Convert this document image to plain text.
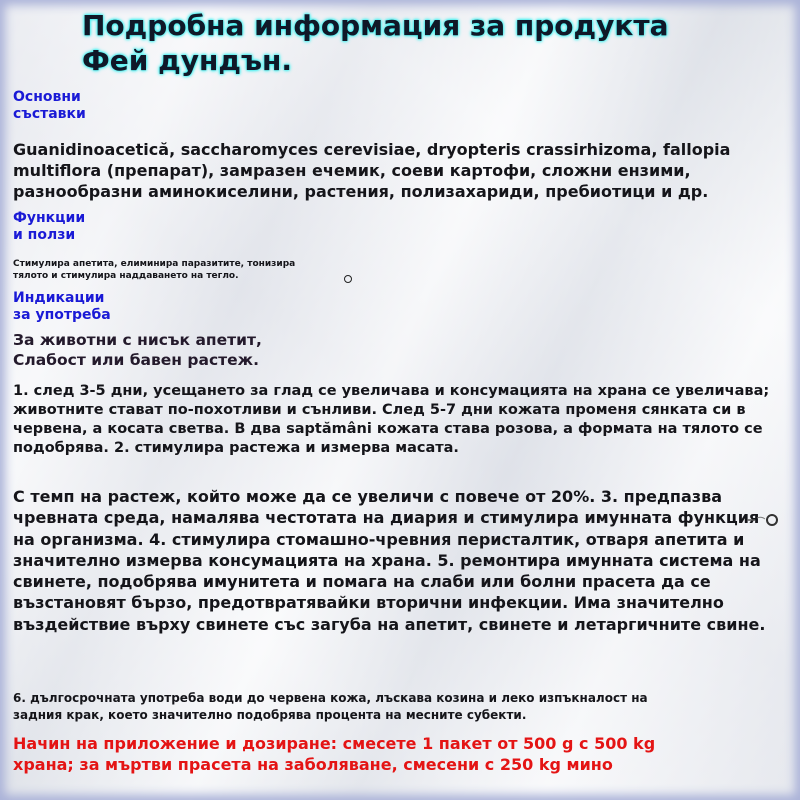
Подробна информация за продукта
Фей дундън.
Основни
съставки
Guanidinoacetică, saccharomyces cerevisiae, dryopteris crassirhizoma, fallopia multiflora (препарат), замразен ечемик, соеви картофи, сложни ензими, разнообразни аминокиселини, растения, полизахариди, пребиотици и др.
Функции
и ползи
Стимулира апетита, елиминира паразитите, тонизира тялото и стимулира наддаването на тегло.
Индикации
за употреба
За животни с нисък апетит,
Слабост или бавен растеж.
1. след 3-5 дни, усещането за глад се увеличава и консумацията на храна се увеличава; животните стават по-похотливи и сънливи. След 5-7 дни кожата променя сянката си в червена, а косата светва. В два saptămâni кожата става розова, а формата на тялото се подобрява. 2. стимулира растежа и измерва масата.
С темп на растеж, който може да се увеличи с повече от 20%. 3. предпазва чревната среда, намалява честотата на диария и стимулира имунната функция на организма. 4. стимулира стомашно-чревния перисталтик, отваря апетита и значително измерва консумацията на храна. 5. ремонтира имунната система на свинете, подобрява имунитета и помага на слаби или болни прасета да се възстановят бързо, предотвратявайки вторични инфекции. Има значително въздействие върху свинете със загуба на апетит, свинете и летаргичните свине.
6. дългосрочната употреба води до червена кожа, лъскава козина и леко изпъкналост на задния крак, което значително подобрява процента на месните субекти.
Начин на приложение и дозиране: смесете 1 пакет от 500 g с 500 kg храна; за мъртви прасета на заболяване, смесени с 250 kg мино
